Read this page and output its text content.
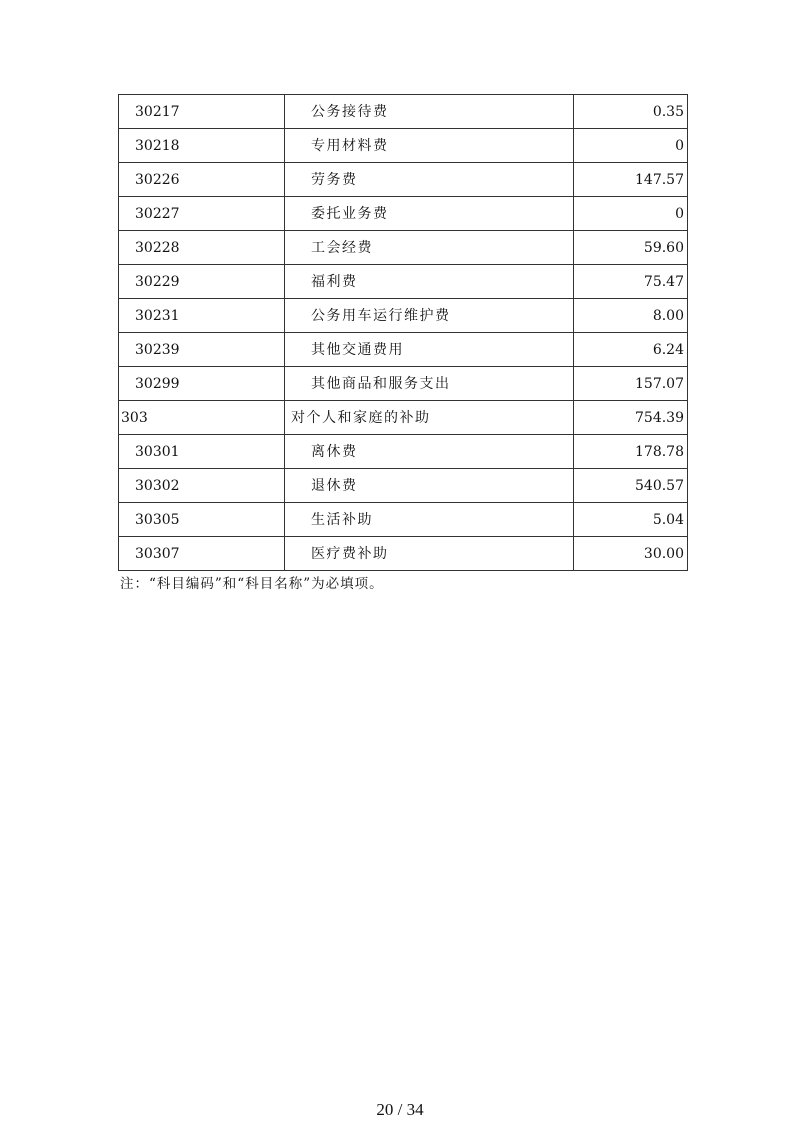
30217	公务接待费	0.35
30218	专用材料费	0
30226	劳务费	147.57
30227	委托业务费	0
30228	工会经费	59.60
30229	福利费	75.47
30231	公务用车运行维护费	8.00
30239	其他交通费用	6.24
30299	其他商品和服务支出	157.07
303	对个人和家庭的补助	754.39
30301	离休费	178.78
30302	退休费	540.57
30305	生活补助	5.04
30307	医疗费补助	30.00

注：“科目编码”和“科目名称”为必填项。

20 / 34
